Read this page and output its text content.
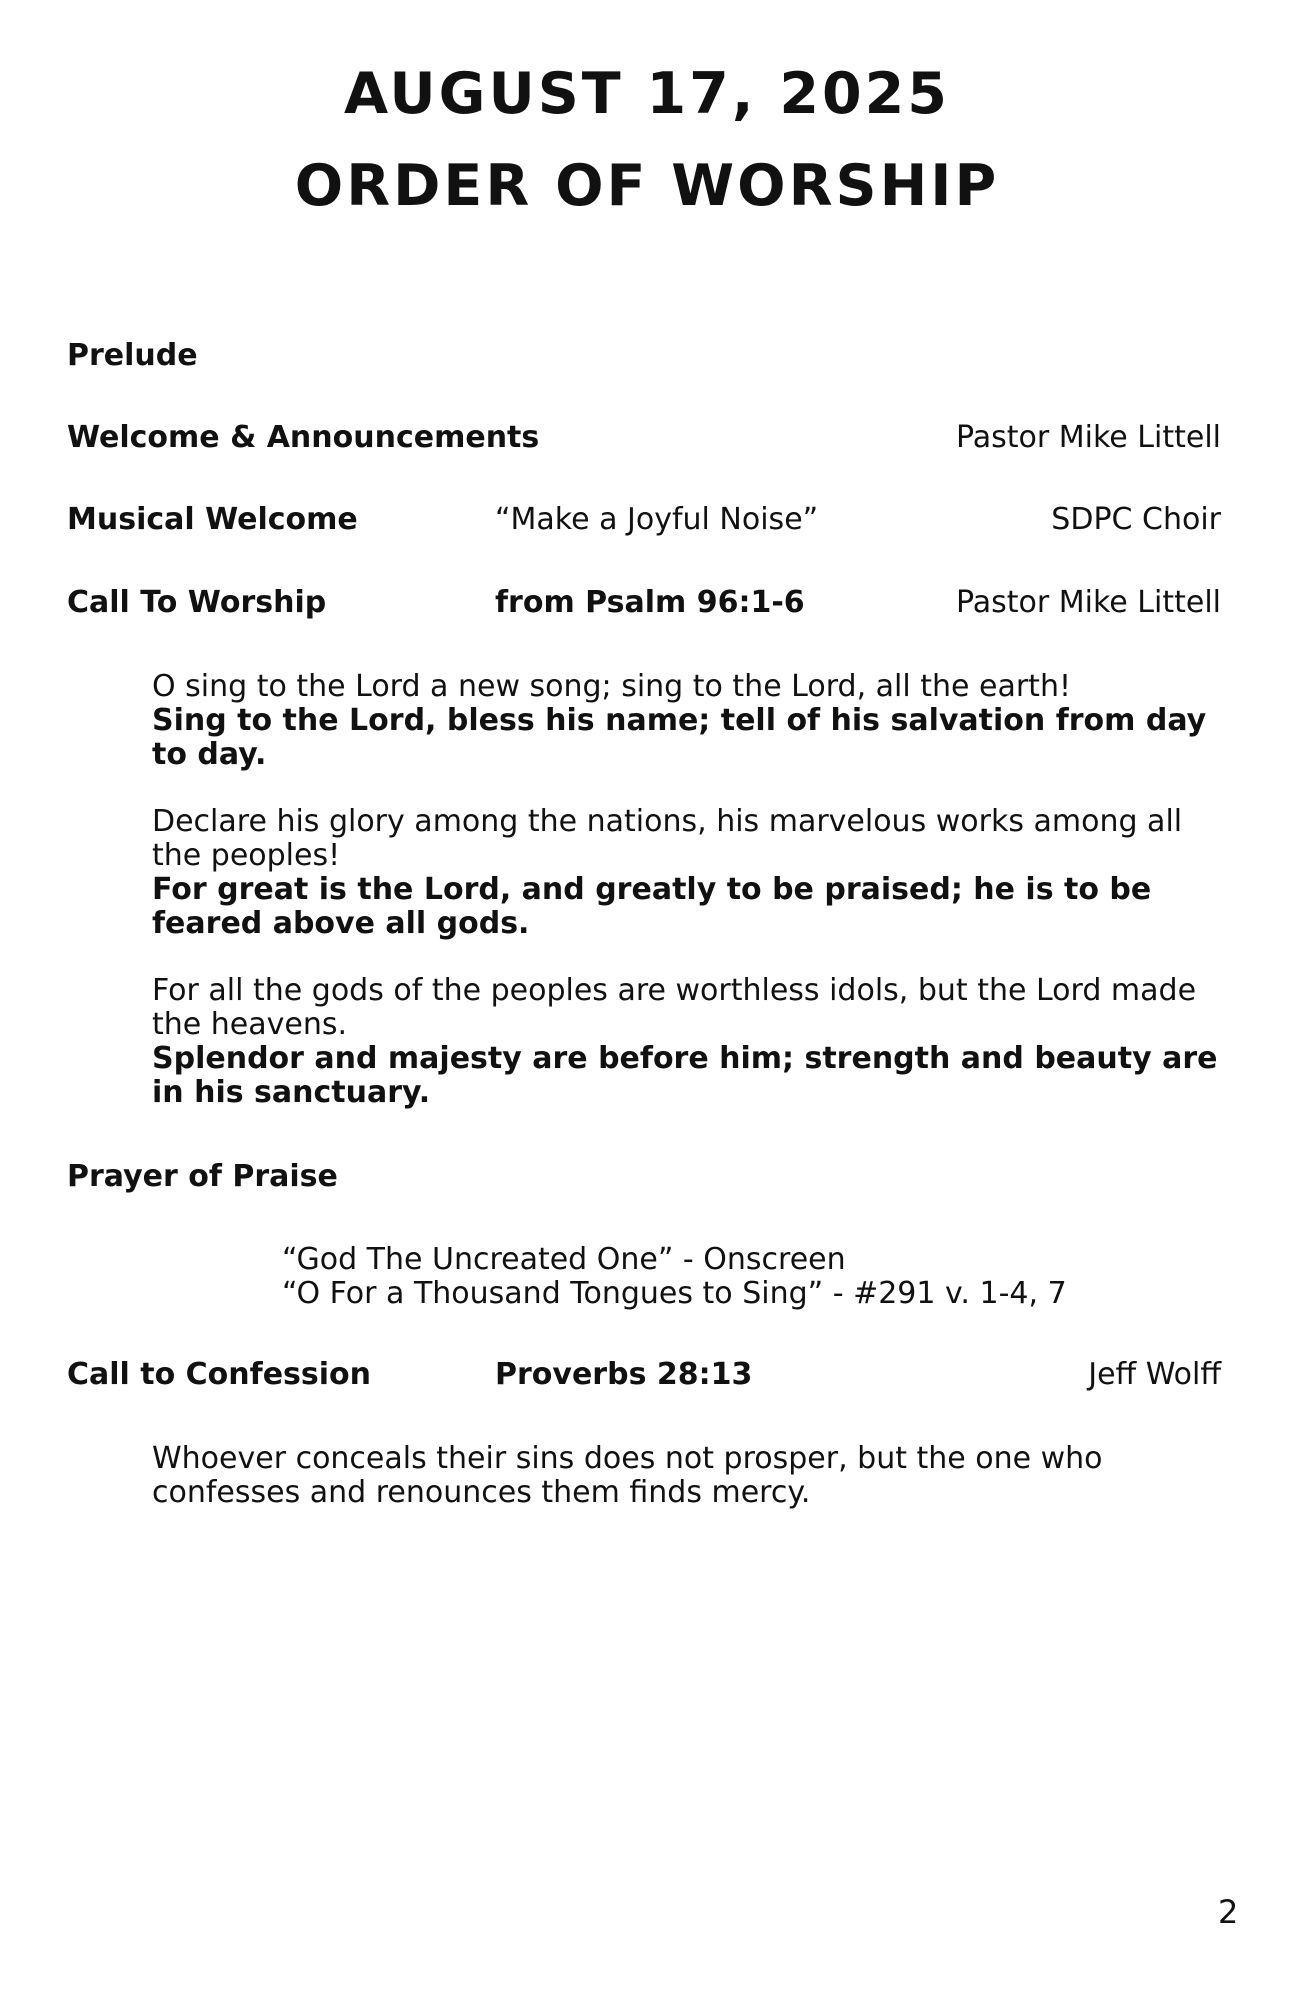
AUGUST 17, 2025
ORDER OF WORSHIP
Prelude
Welcome & Announcements	Pastor Mike Littell
Musical Welcome	“Make a Joyful Noise”	SDPC Choir
Call To Worship	from Psalm 96:1-6	Pastor Mike Littell
O sing to the Lord a new song; sing to the Lord, all the earth!
Sing to the Lord, bless his name; tell of his salvation from day to day.
Declare his glory among the nations, his marvelous works among all the peoples!
For great is the Lord, and greatly to be praised; he is to be feared above all gods.
For all the gods of the peoples are worthless idols, but the Lord made the heavens.
Splendor and majesty are before him; strength and beauty are in his sanctuary.
Prayer of Praise
“God The Uncreated One” - Onscreen
“O For a Thousand Tongues to Sing” - #291 v. 1-4, 7
Call to Confession	Proverbs 28:13	Jeff Wolff
Whoever conceals their sins does not prosper, but the one who confesses and renounces them finds mercy.
2
